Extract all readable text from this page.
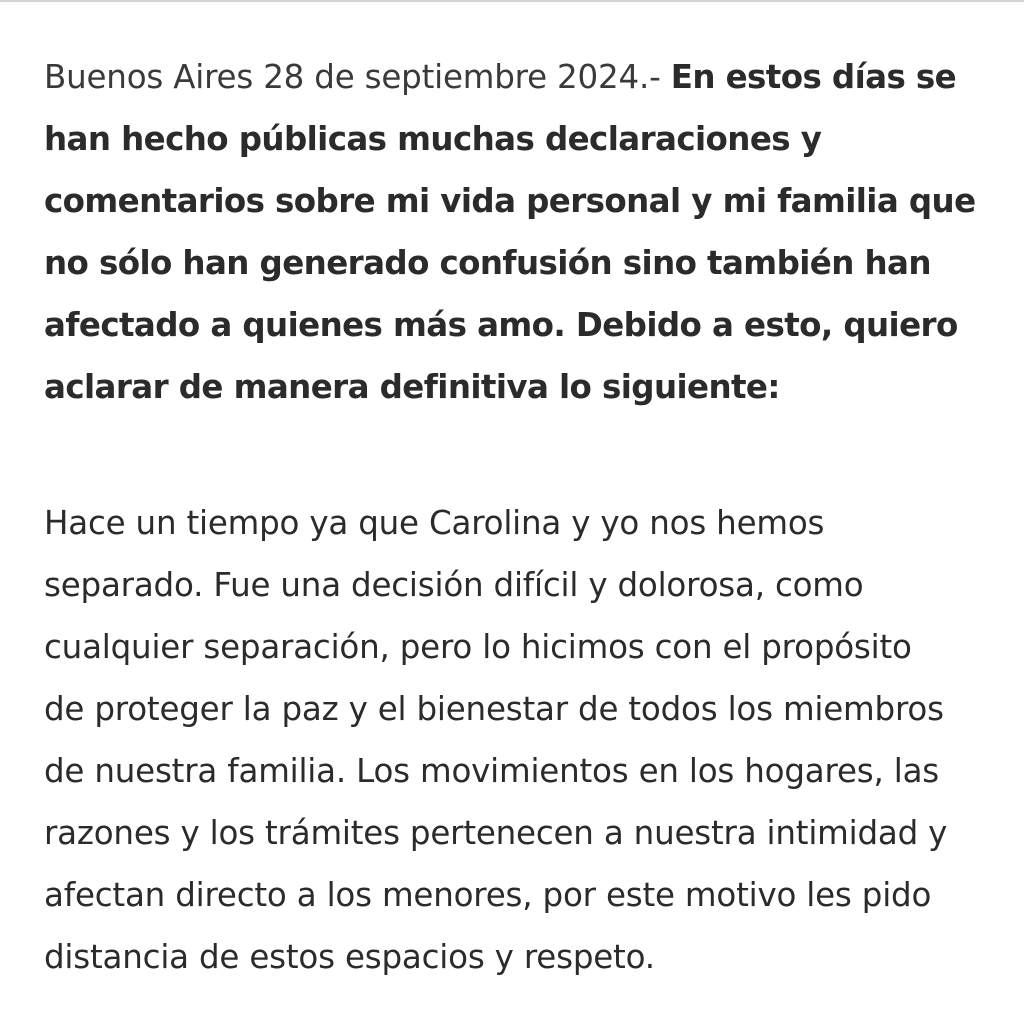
Buenos Aires 28 de septiembre 2024.- En estos días se
han hecho públicas muchas declaraciones y
comentarios sobre mi vida personal y mi familia que
no sólo han generado confusión sino también han
afectado a quienes más amo. Debido a esto, quiero
aclarar de manera definitiva lo siguiente:

Hace un tiempo ya que Carolina y yo nos hemos
separado. Fue una decisión difícil y dolorosa, como
cualquier separación, pero lo hicimos con el propósito
de proteger la paz y el bienestar de todos los miembros
de nuestra familia. Los movimientos en los hogares, las
razones y los trámites pertenecen a nuestra intimidad y
afectan directo a los menores, por este motivo les pido
distancia de estos espacios y respeto.
